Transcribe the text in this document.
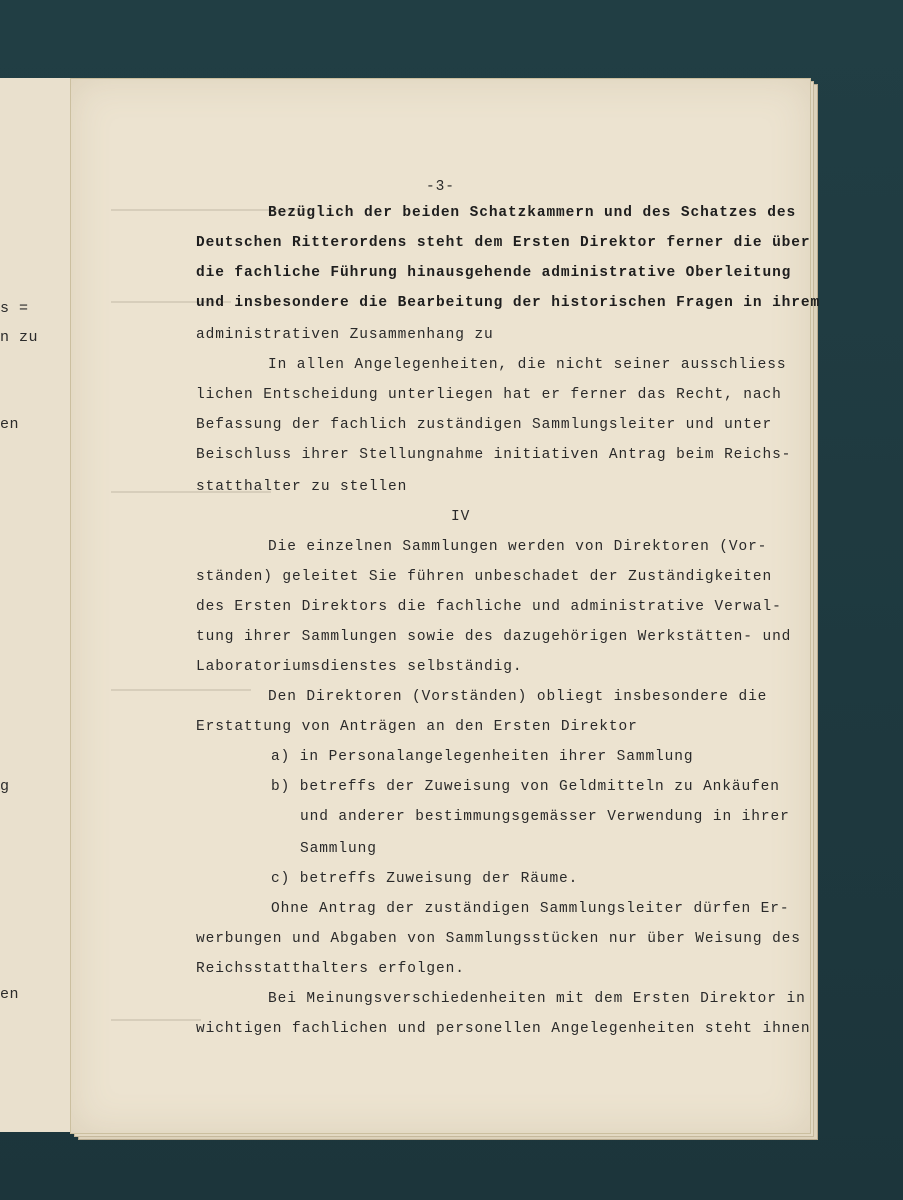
s =
n zu
en
g
en
-3-
Bezüglich der beiden Schatzkammern und des Schatzes des
Deutschen Ritterordens steht dem Ersten Direktor ferner die über
die fachliche Führung hinausgehende administrative Oberleitung
und insbesondere die Bearbeitung der historischen Fragen in ihrem
administrativen Zusammenhang zu
In allen Angelegenheiten, die nicht seiner ausschliess
lichen Entscheidung unterliegen hat er ferner das Recht, nach
Befassung der fachlich zuständigen Sammlungsleiter und unter
Beischluss ihrer Stellungnahme initiativen Antrag beim Reichs-
statthalter zu stellen
IV
Die einzelnen Sammlungen werden von Direktoren (Vor-
ständen) geleitet Sie führen unbeschadet der Zuständigkeiten
des Ersten Direktors die fachliche und administrative Verwal-
tung ihrer Sammlungen sowie des dazugehörigen Werkstätten- und
Laboratoriumsdienstes selbständig.
Den Direktoren (Vorständen) obliegt insbesondere die
Erstattung von Anträgen an den Ersten Direktor
a) in Personalangelegenheiten ihrer Sammlung
b) betreffs der Zuweisung von Geldmitteln zu Ankäufen
und anderer bestimmungsgemässer Verwendung in ihrer
Sammlung
c) betreffs Zuweisung der Räume.
Ohne Antrag der zuständigen Sammlungsleiter dürfen Er-
werbungen und Abgaben von Sammlungsstücken nur über Weisung des
Reichsstatthalters erfolgen.
Bei Meinungsverschiedenheiten mit dem Ersten Direktor in
wichtigen fachlichen und personellen Angelegenheiten steht ihnen
